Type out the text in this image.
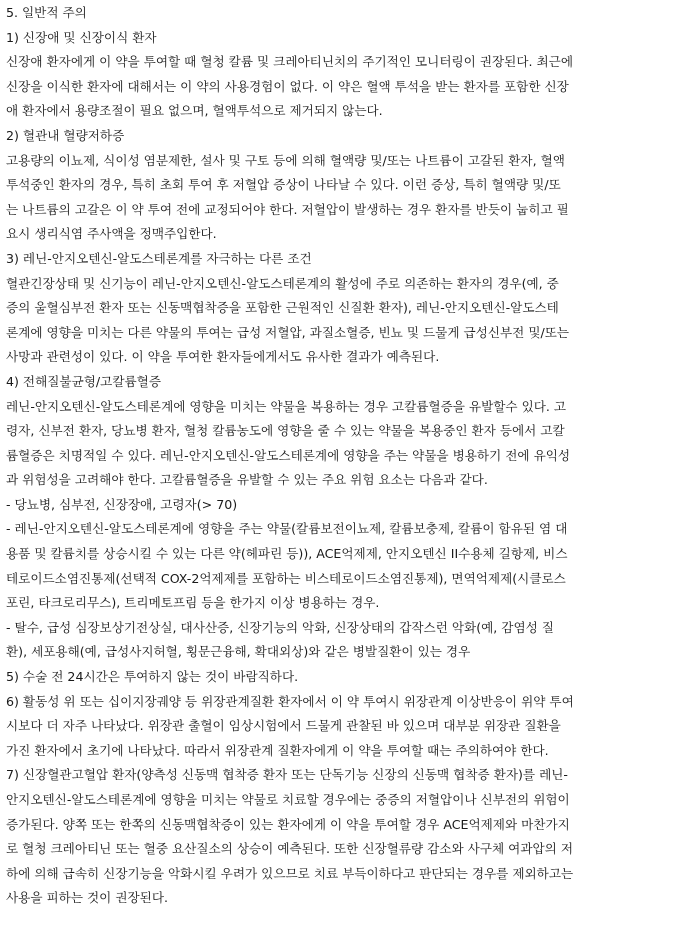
5. 일반적 주의
1) 신장애 및 신장이식 환자
신장애 환자에게 이 약을 투여할 때 혈청 칼륨 및 크레아티닌치의 주기적인 모니터링이 권장된다. 최근에
신장을 이식한 환자에 대해서는 이 약의 사용경험이 없다. 이 약은 혈액 투석을 받는 환자를 포함한 신장
애 환자에서 용량조절이 필요 없으며, 혈액투석으로 제거되지 않는다.
2) 혈관내 혈량저하증
고용량의 이뇨제, 식이성 염분제한, 설사 및 구토 등에 의해 혈액량 및/또는 나트륨이 고갈된 환자, 혈액
투석중인 환자의 경우, 특히 초회 투여 후 저혈압 증상이 나타날 수 있다. 이런 증상, 특히 혈액량 및/또
는 나트륨의 고갈은 이 약 투여 전에 교정되어야 한다. 저혈압이 발생하는 경우 환자를 반듯이 눕히고 필
요시 생리식염 주사액을 정맥주입한다.
3) 레닌-안지오텐신-알도스테론계를 자극하는 다른 조건
혈관긴장상태 및 신기능이 레닌-안지오텐신-알도스테론계의 활성에 주로 의존하는 환자의 경우(예, 중
증의 울혈심부전 환자 또는 신동맥협착증을 포함한 근원적인 신질환 환자), 레닌-안지오텐신-알도스테
론계에 영향을 미치는 다른 약물의 투여는 급성 저혈압, 과질소혈증, 빈뇨 및 드물게 급성신부전 및/또는
사망과 관련성이 있다. 이 약을 투여한 환자들에게서도 유사한 결과가 예측된다.
4) 전해질불균형/고칼륨혈증
레닌-안지오텐신-알도스테론계에 영향을 미치는 약물을 복용하는 경우 고칼륨혈증을 유발할수 있다. 고
령자, 신부전 환자, 당뇨병 환자, 혈청 칼륨농도에 영향을 줄 수 있는 약물을 복용중인 환자 등에서 고칼
륨혈증은 치명적일 수 있다. 레닌-안지오텐신-알도스테론계에 영향을 주는 약물을 병용하기 전에 유익성
과 위험성을 고려해야 한다. 고칼륨혈증을 유발할 수 있는 주요 위험 요소는 다음과 같다.
- 당뇨병, 심부전, 신장장애, 고령자(> 70)
- 레닌-안지오텐신-알도스테론계에 영향을 주는 약물(칼륨보전이뇨제, 칼륨보충제, 칼륨이 함유된 염 대
용품 및 칼륨치를 상승시킬 수 있는 다른 약(헤파린 등)), ACE억제제, 안지오텐신 II수용체 길항제, 비스
테로이드소염진통제(선택적 COX-2억제제를 포함하는 비스테로이드소염진통제), 면역억제제(시클로스
포린, 타크로리무스), 트리메토프림 등을 한가지 이상 병용하는 경우.
- 탈수, 급성 심장보상기전상실, 대사산증, 신장기능의 악화, 신장상태의 갑작스런 악화(예, 감염성 질
환), 세포용해(예, 급성사지허혈, 횡문근융해, 확대외상)와 같은 병발질환이 있는 경우
5) 수술 전 24시간은 투여하지 않는 것이 바람직하다.
6) 활동성 위 또는 십이지장궤양 등 위장관계질환 환자에서 이 약 투여시 위장관계 이상반응이 위약 투여
시보다 더 자주 나타났다. 위장관 출혈이 임상시험에서 드물게 관찰된 바 있으며 대부분 위장관 질환을
가진 환자에서 초기에 나타났다. 따라서 위장관계 질환자에게 이 약을 투여할 때는 주의하여야 한다.
7) 신장혈관고혈압 환자(양측성 신동맥 협착증 환자 또는 단독기능 신장의 신동맥 협착증 환자)를 레닌-
안지오텐신-알도스테론계에 영향을 미치는 약물로 치료할 경우에는 중증의 저혈압이나 신부전의 위험이
증가된다. 양쪽 또는 한쪽의 신동맥협착증이 있는 환자에게 이 약을 투여할 경우 ACE억제제와 마찬가지
로 혈청 크레아티닌 또는 혈중 요산질소의 상승이 예측된다. 또한 신장혈류량 감소와 사구체 여과압의 저
하에 의해 급속히 신장기능을 악화시킬 우려가 있으므로 치료 부득이하다고 판단되는 경우를 제외하고는
사용을 피하는 것이 권장된다.
